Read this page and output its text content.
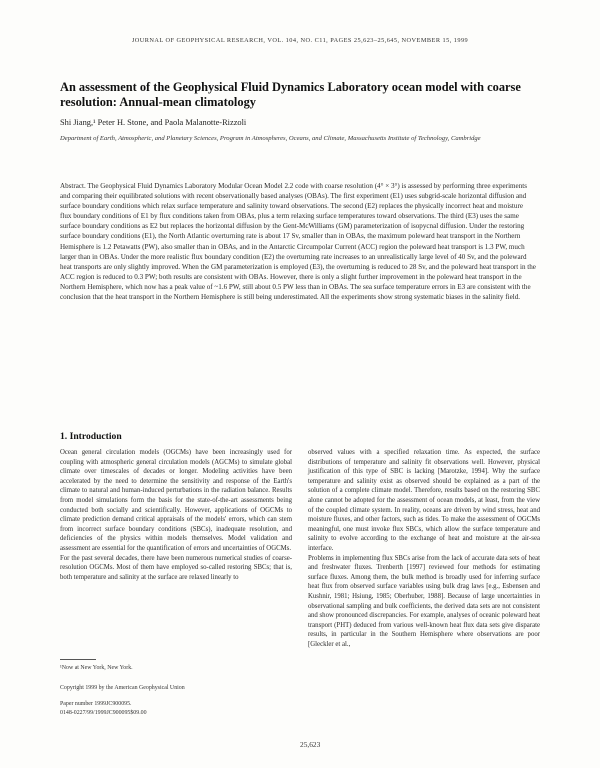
JOURNAL OF GEOPHYSICAL RESEARCH, VOL. 104, NO. C11, PAGES 25,623–25,645, NOVEMBER 15, 1999
An assessment of the Geophysical Fluid Dynamics Laboratory ocean model with coarse resolution: Annual-mean climatology
Shi Jiang,¹ Peter H. Stone, and Paola Malanotte-Rizzoli
Department of Earth, Atmospheric, and Planetary Sciences, Program in Atmospheres, Oceans, and Climate, Massachusetts Institute of Technology, Cambridge
Abstract. The Geophysical Fluid Dynamics Laboratory Modular Ocean Model 2.2 code with coarse resolution (4° × 3°) is assessed by performing three experiments and comparing their equilibrated solutions with recent observationally based analyses (OBAs). The first experiment (E1) uses subgrid-scale horizontal diffusion and surface boundary conditions which relax surface temperature and salinity toward observations. The second (E2) replaces the physically incorrect heat and moisture flux boundary conditions of E1 by flux conditions taken from OBAs, plus a term relaxing surface temperatures toward observations. The third (E3) uses the same surface boundary conditions as E2 but replaces the horizontal diffusion by the Gent-McWilliams (GM) parameterization of isopycnal diffusion. Under the restoring surface boundary conditions (E1), the North Atlantic overturning rate is about 17 Sv, smaller than in OBAs, the maximum poleward heat transport in the Northern Hemisphere is 1.2 Petawatts (PW), also smaller than in OBAs, and in the Antarctic Circumpolar Current (ACC) region the poleward heat transport is 1.3 PW, much larger than in OBAs. Under the more realistic flux boundary condition (E2) the overturning rate increases to an unrealistically large level of 40 Sv, and the poleward heat transports are only slightly improved. When the GM parameterization is employed (E3), the overturning is reduced to 28 Sv, and the poleward heat transport in the ACC region is reduced to 0.3 PW; both results are consistent with OBAs. However, there is only a slight further improvement in the poleward heat transport in the Northern Hemisphere, which now has a peak value of ~1.6 PW, still about 0.5 PW less than in OBAs. The sea surface temperature errors in E3 are consistent with the conclusion that the heat transport in the Northern Hemisphere is still being underestimated. All the experiments show strong systematic biases in the salinity field.
1. Introduction

Ocean general circulation models (OGCMs) have been increasingly used for coupling with atmospheric general circulation models (AGCMs) to simulate global climate over timescales of decades or longer. Modeling activities have been accelerated by the need to determine the sensitivity and response of the Earth's climate to natural and human-induced perturbations in the radiation balance. Results from model simulations form the basis for the state-of-the-art assessments being conducted both socially and scientifically. However, applications of OGCMs to climate prediction demand critical appraisals of the models' errors, which can stem from incorrect surface boundary conditions (SBCs), inadequate resolution, and deficiencies of the physics within models themselves. Model validation and assessment are essential for the quantification of errors and uncertainties of OGCMs.

For the past several decades, there have been numerous numerical studies of coarse-resolution OGCMs. Most of them have employed so-called restoring SBCs; that is, both temperature and salinity at the surface are relaxed linearly to

observed values with a specified relaxation time. As expected, the surface distributions of temperature and salinity fit observations well. However, physical justification of this type of SBC is lacking [Marotzke, 1994]. Why the surface temperature and salinity exist as observed should be explained as a part of the solution of a complete climate model. Therefore, results based on the restoring SBC alone cannot be adopted for the assessment of ocean models, at least, from the view of the coupled climate system. In reality, oceans are driven by wind stress, heat and moisture fluxes, and other factors, such as tides. To make the assessment of OGCMs meaningful, one must invoke flux SBCs, which allow the surface temperature and salinity to evolve according to the exchange of heat and moisture at the air-sea interface.

Problems in implementing flux SBCs arise from the lack of accurate data sets of heat and freshwater fluxes. Trenberth [1997] reviewed four methods for estimating surface fluxes. Among them, the bulk method is broadly used for inferring surface heat flux from observed surface variables using bulk drag laws [e.g., Esbensen and Kushnir, 1981; Hsiung, 1985; Oberhuber, 1988]. Because of large uncertainties in observational sampling and bulk coefficients, the derived data sets are not consistent and show pronounced discrepancies. For example, analyses of oceanic poleward heat transport (PHT) deduced from various well-known heat flux data sets give disparate results, in particular in the Southern Hemisphere where observations are poor [Gleckler et al.,

¹Now at New York, New York.
Copyright 1999 by the American Geophysical Union
Paper number 1999JC900095.
0148-0227/99/1999JC900095$09.00
25,623
